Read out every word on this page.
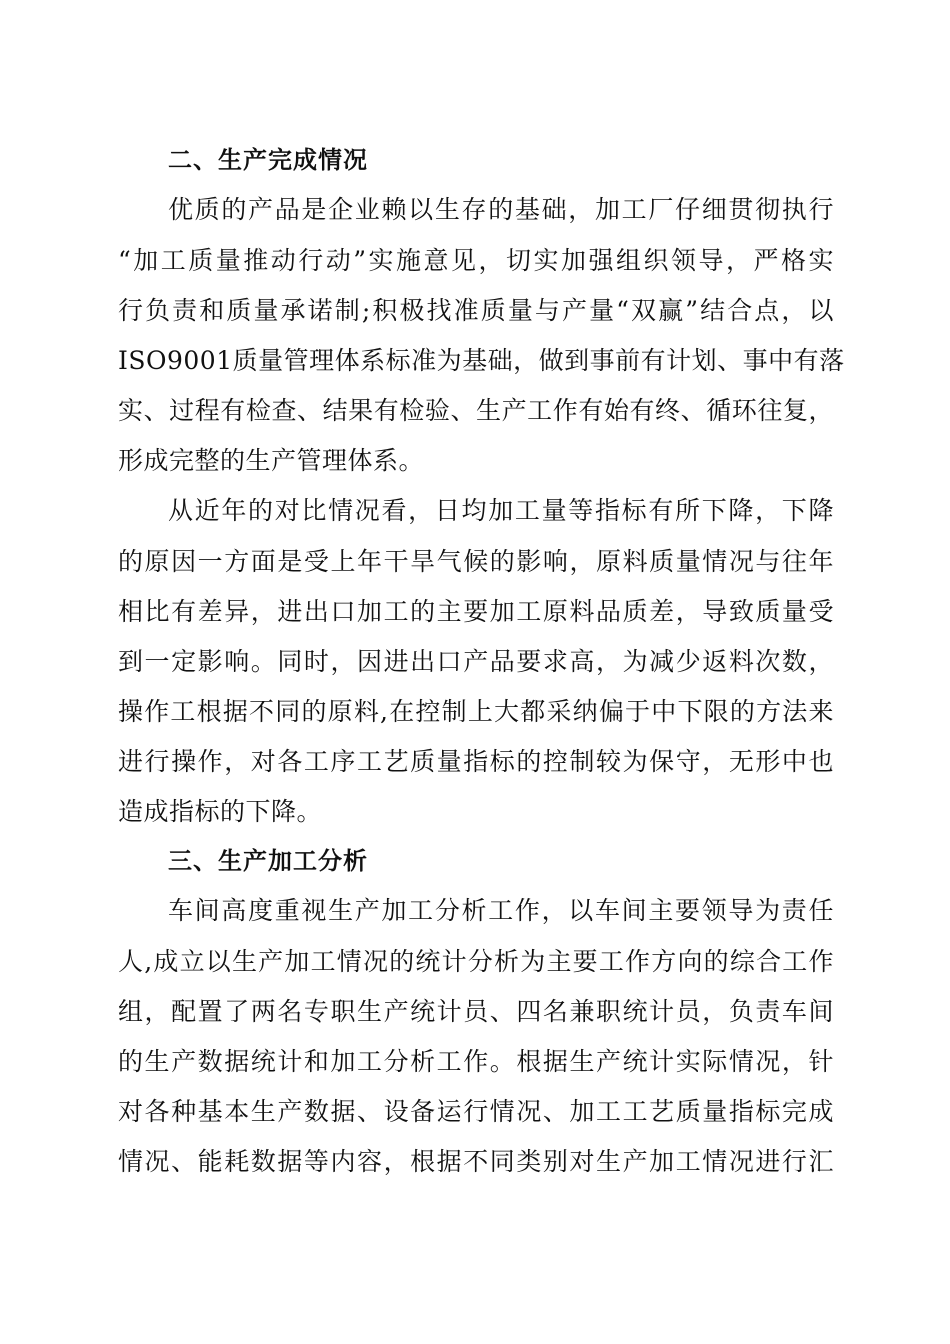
二、生产完成情况
优质的产品是企业赖以生存的基础，加工厂仔细贯彻执行
“加工质量推动行动”实施意见，切实加强组织领导，严格实
行负责和质量承诺制;积极找准质量与产量“双赢”结合点，以
ISO9001质量管理体系标准为基础，做到事前有计划、事中有落
实、过程有检查、结果有检验、生产工作有始有终、循环往复，
形成完整的生产管理体系。
从近年的对比情况看，日均加工量等指标有所下降，下降
的原因一方面是受上年干旱气候的影响，原料质量情况与往年
相比有差异，进出口加工的主要加工原料品质差，导致质量受
到一定影响。同时，因进出口产品要求高，为减少返料次数，
操作工根据不同的原料,在控制上大都采纳偏于中下限的方法来
进行操作，对各工序工艺质量指标的控制较为保守，无形中也
造成指标的下降。
三、生产加工分析
车间高度重视生产加工分析工作，以车间主要领导为责任
人,成立以生产加工情况的统计分析为主要工作方向的综合工作
组，配置了两名专职生产统计员、四名兼职统计员，负责车间
的生产数据统计和加工分析工作。根据生产统计实际情况，针
对各种基本生产数据、设备运行情况、加工工艺质量指标完成
情况、能耗数据等内容，根据不同类别对生产加工情况进行汇
